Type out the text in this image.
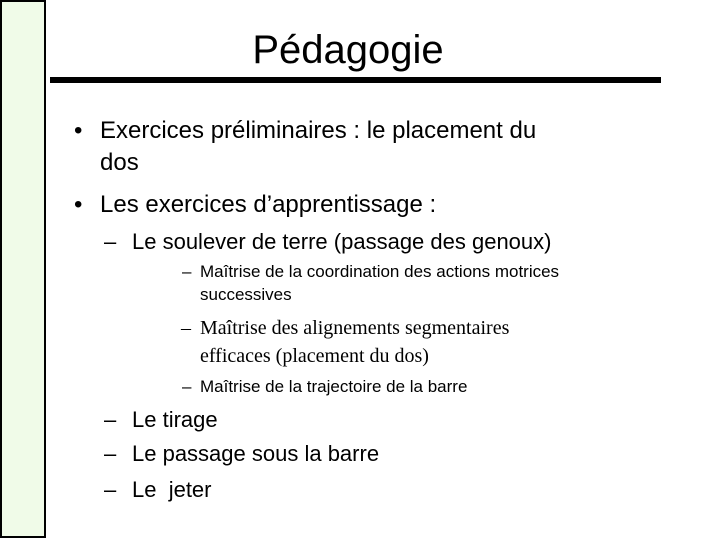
Pédagogie
• Exercices préliminaires : le placement du
dos
• Les exercices d’apprentissage :
– Le soulever de terre (passage des genoux)
– Maîtrise de la coordination des actions motrices
successives
– Maîtrise des alignements segmentaires
efficaces (placement du dos)
– Maîtrise de la trajectoire de la barre
– Le tirage
– Le passage sous la barre
– Le  jeter
